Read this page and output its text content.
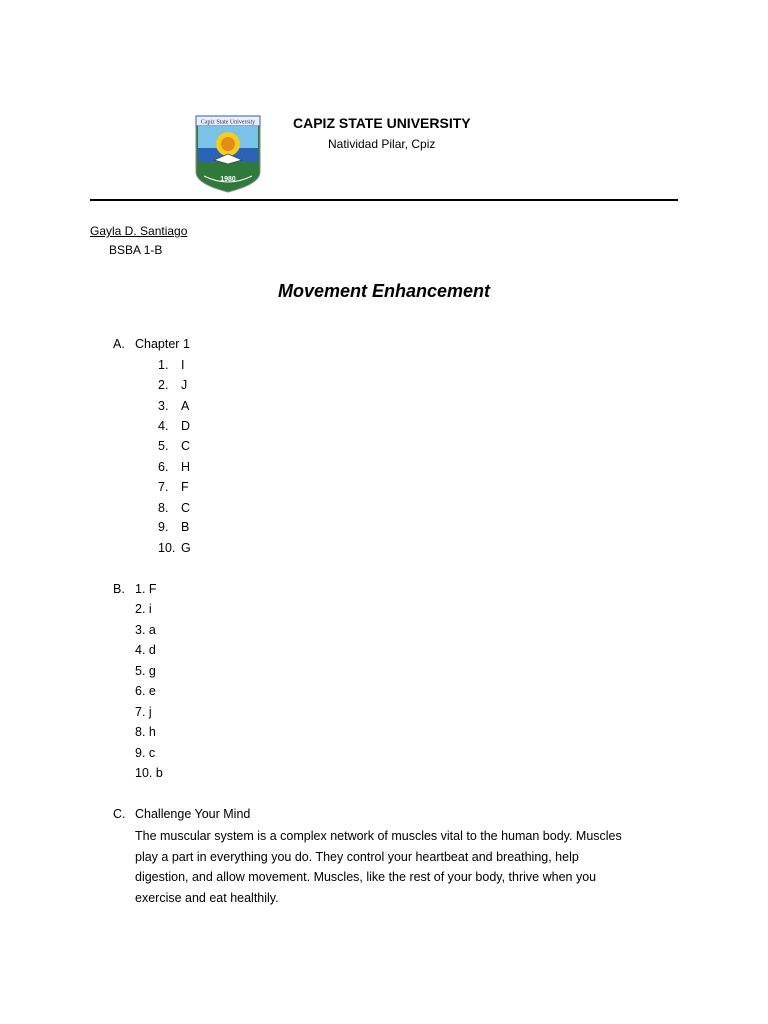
Capiz State University
1980
CAPIZ STATE UNIVERSITY
Natividad Pilar, Cpiz
Gayla D. Santiago
BSBA 1-B
Movement Enhancement
A. Chapter 1
1. I
2. J
3. A
4. D
5. C
6. H
7. F
8. C
9. B
10. G
B. 1. F
2. i
3. a
4. d
5. g
6. e
7. j
8. h
9. c
10. b
C. Challenge Your Mind
The muscular system is a complex network of muscles vital to the human body. Muscles
play a part in everything you do. They control your heartbeat and breathing, help
digestion, and allow movement. Muscles, like the rest of your body, thrive when you
exercise and eat healthily.
